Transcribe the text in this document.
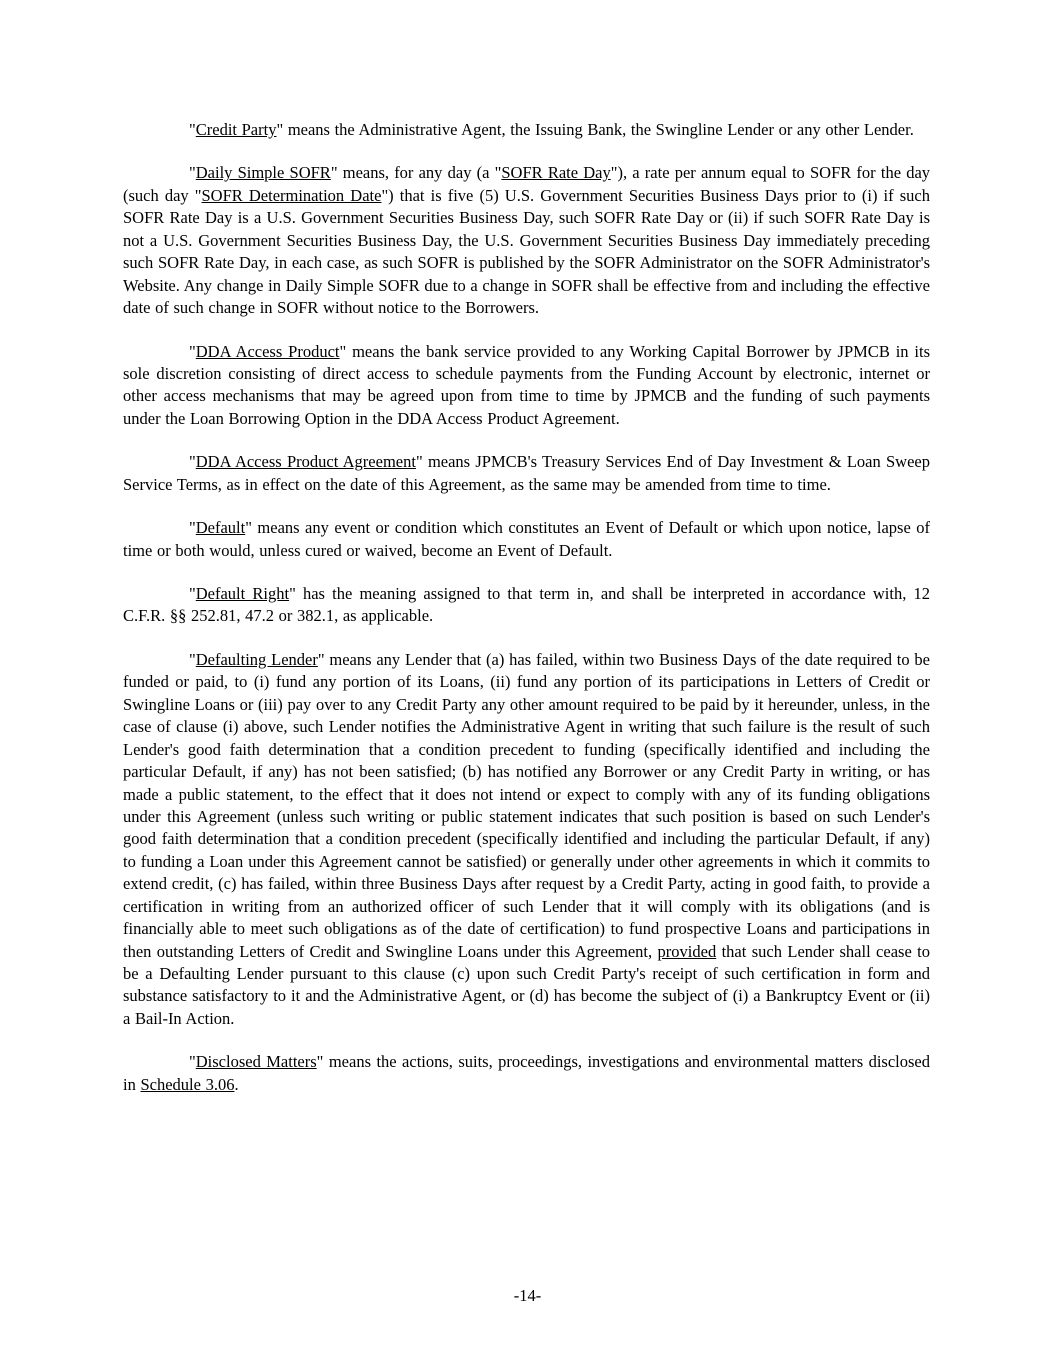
"Credit Party" means the Administrative Agent, the Issuing Bank, the Swingline Lender or any other Lender.

"Daily Simple SOFR" means, for any day (a "SOFR Rate Day"), a rate per annum equal to SOFR for the day (such day "SOFR Determination Date") that is five (5) U.S. Government Securities Business Days prior to (i) if such SOFR Rate Day is a U.S. Government Securities Business Day, such SOFR Rate Day or (ii) if such SOFR Rate Day is not a U.S. Government Securities Business Day, the U.S. Government Securities Business Day immediately preceding such SOFR Rate Day, in each case, as such SOFR is published by the SOFR Administrator on the SOFR Administrator's Website. Any change in Daily Simple SOFR due to a change in SOFR shall be effective from and including the effective date of such change in SOFR without notice to the Borrowers.

"DDA Access Product" means the bank service provided to any Working Capital Borrower by JPMCB in its sole discretion consisting of direct access to schedule payments from the Funding Account by electronic, internet or other access mechanisms that may be agreed upon from time to time by JPMCB and the funding of such payments under the Loan Borrowing Option in the DDA Access Product Agreement.

"DDA Access Product Agreement" means JPMCB's Treasury Services End of Day Investment & Loan Sweep Service Terms, as in effect on the date of this Agreement, as the same may be amended from time to time.

"Default" means any event or condition which constitutes an Event of Default or which upon notice, lapse of time or both would, unless cured or waived, become an Event of Default.

"Default Right" has the meaning assigned to that term in, and shall be interpreted in accordance with, 12 C.F.R. §§ 252.81, 47.2 or 382.1, as applicable.

"Defaulting Lender" means any Lender that (a) has failed, within two Business Days of the date required to be funded or paid, to (i) fund any portion of its Loans, (ii) fund any portion of its participations in Letters of Credit or Swingline Loans or (iii) pay over to any Credit Party any other amount required to be paid by it hereunder, unless, in the case of clause (i) above, such Lender notifies the Administrative Agent in writing that such failure is the result of such Lender's good faith determination that a condition precedent to funding (specifically identified and including the particular Default, if any) has not been satisfied; (b) has notified any Borrower or any Credit Party in writing, or has made a public statement, to the effect that it does not intend or expect to comply with any of its funding obligations under this Agreement (unless such writing or public statement indicates that such position is based on such Lender's good faith determination that a condition precedent (specifically identified and including the particular Default, if any) to funding a Loan under this Agreement cannot be satisfied) or generally under other agreements in which it commits to extend credit, (c) has failed, within three Business Days after request by a Credit Party, acting in good faith, to provide a certification in writing from an authorized officer of such Lender that it will comply with its obligations (and is financially able to meet such obligations as of the date of certification) to fund prospective Loans and participations in then outstanding Letters of Credit and Swingline Loans under this Agreement, provided that such Lender shall cease to be a Defaulting Lender pursuant to this clause (c) upon such Credit Party's receipt of such certification in form and substance satisfactory to it and the Administrative Agent, or (d) has become the subject of (i) a Bankruptcy Event or (ii) a Bail-In Action.

"Disclosed Matters" means the actions, suits, proceedings, investigations and environmental matters disclosed in Schedule 3.06.

-14-
